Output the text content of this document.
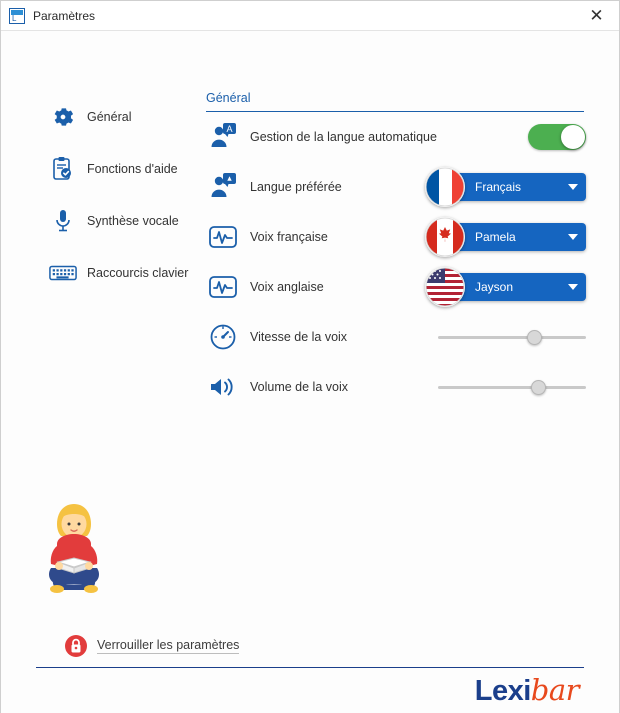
L Paramètres	✕
Général
Fonctions d'aide
Synthèse vocale
Raccourcis clavier
Général
A
Gestion de la langue automatique
Langue préférée	Français
Voix française	Pamela
Voix anglaise	Jayson
Vitesse de la voix
Volume de la voix
Verrouiller les paramètres
Lexibar
